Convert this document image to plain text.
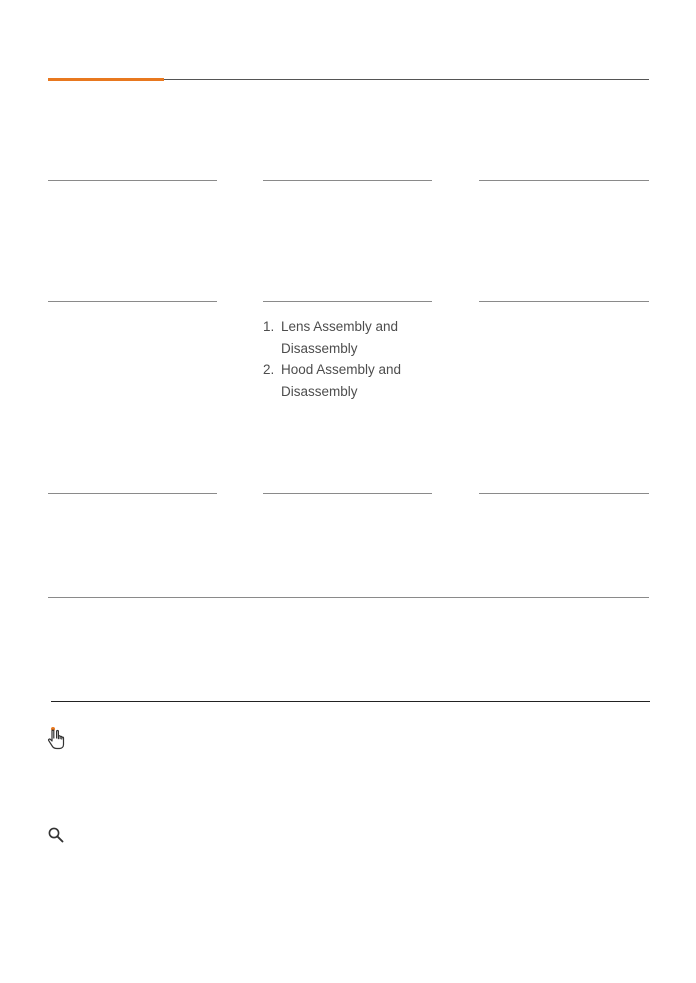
1. Lens Assembly and Disassembly
2. Hood Assembly and Disassembly
